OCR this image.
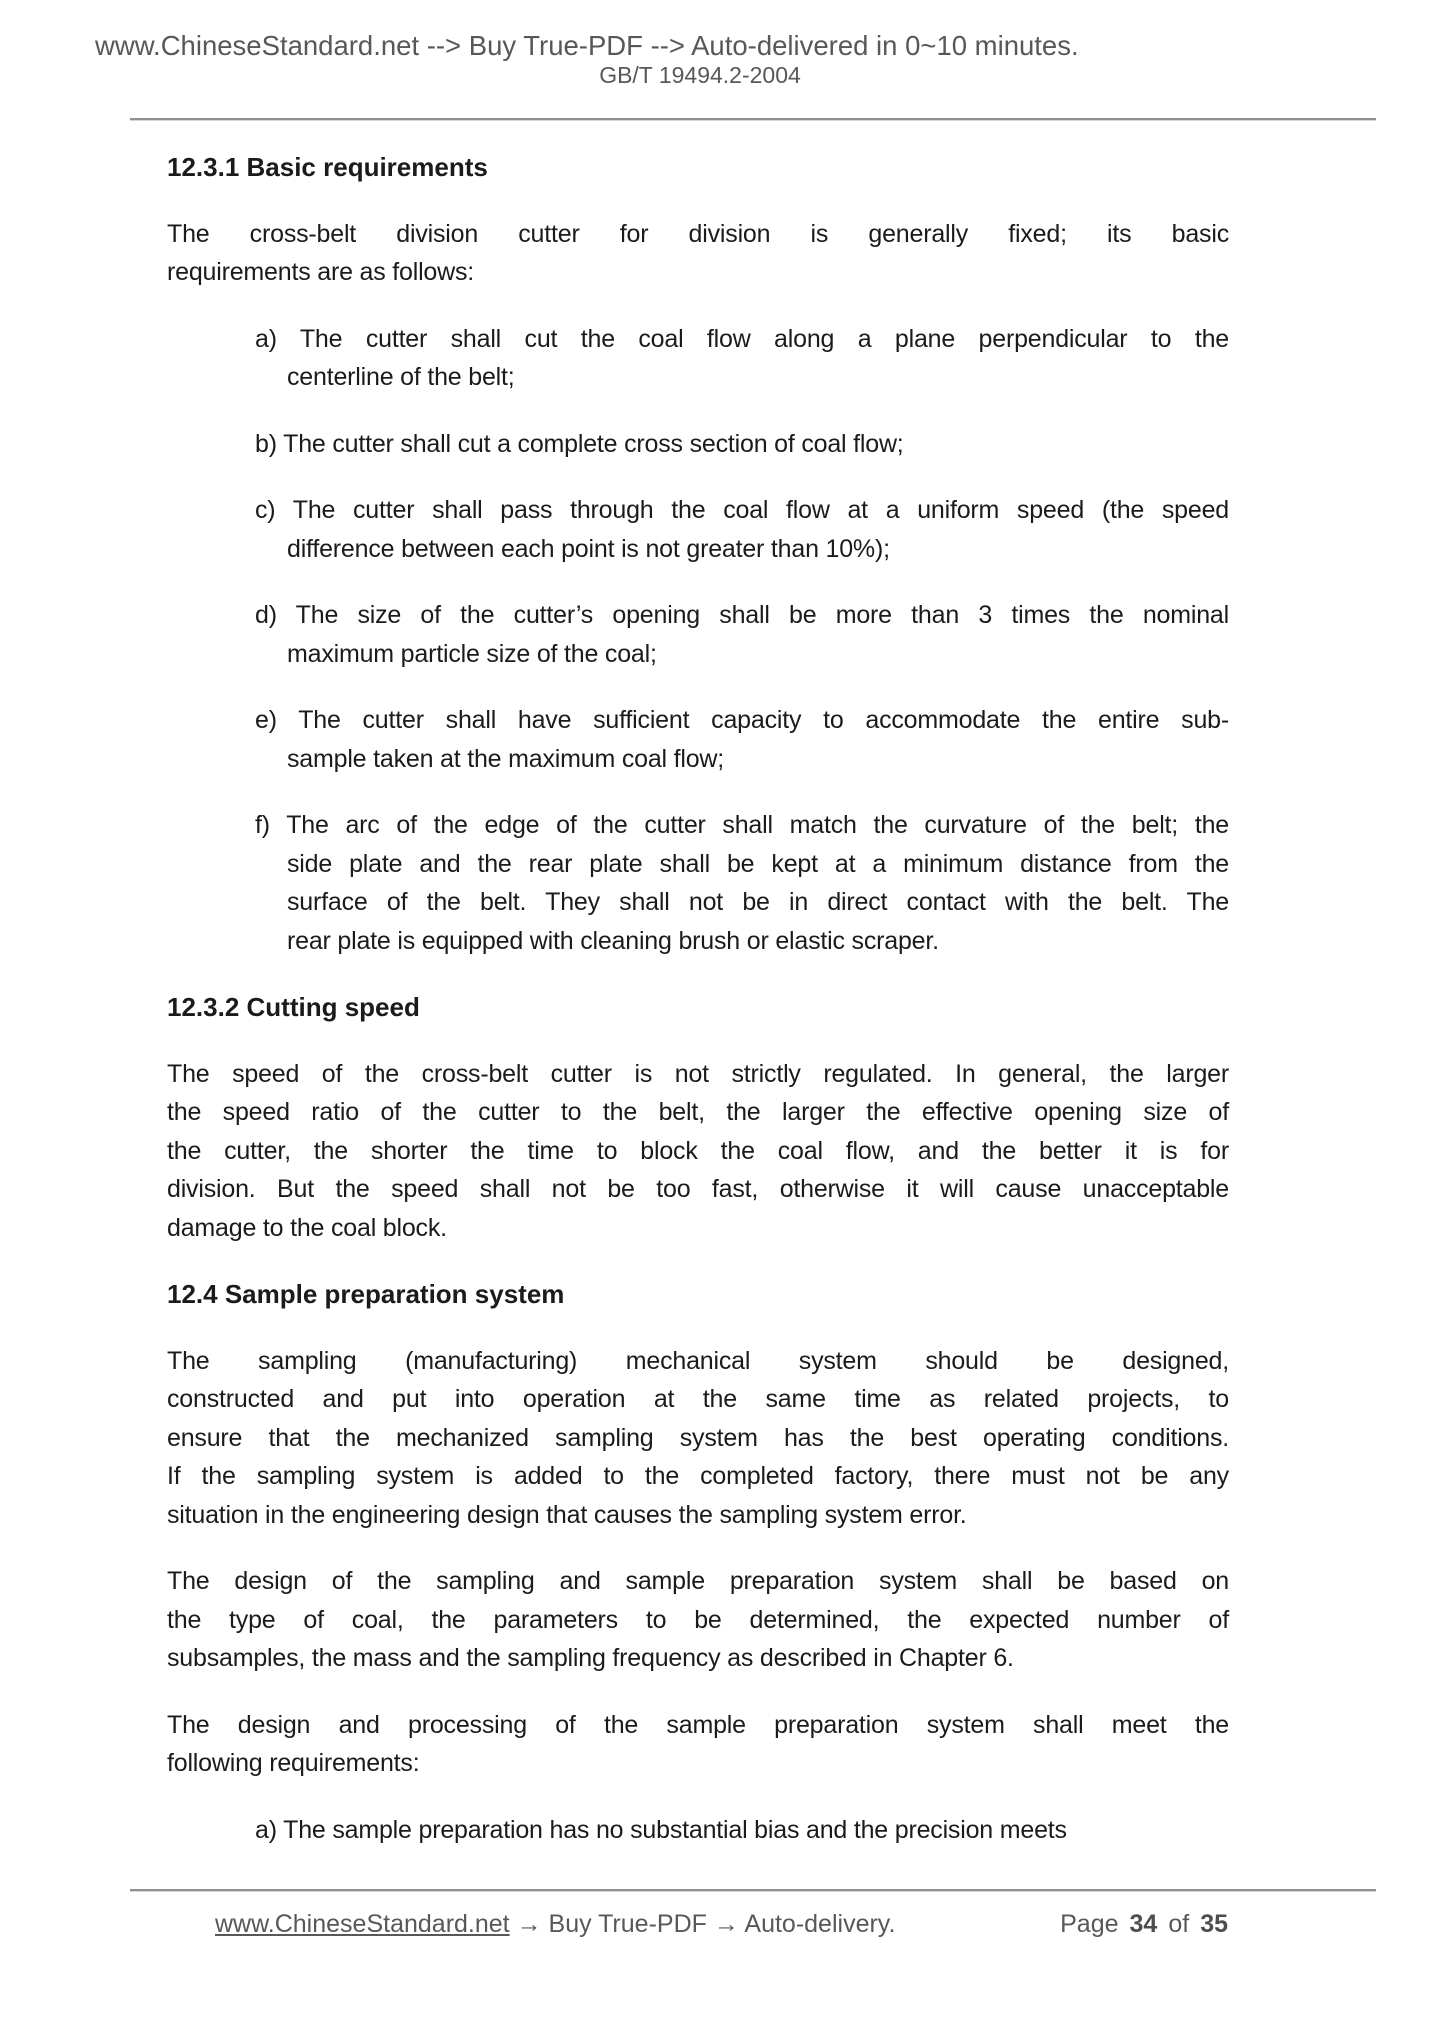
www.ChineseStandard.net --> Buy True-PDF --> Auto-delivered in 0~10 minutes.
GB/T 19494.2-2004
12.3.1 Basic requirements
The cross-belt division cutter for division is generally fixed; its basic
requirements are as follows:
a) The cutter shall cut the coal flow along a plane perpendicular to the
centerline of the belt;
b) The cutter shall cut a complete cross section of coal flow;
c) The cutter shall pass through the coal flow at a uniform speed (the speed
difference between each point is not greater than 10%);
d) The size of the cutter’s opening shall be more than 3 times the nominal
maximum particle size of the coal;
e) The cutter shall have sufficient capacity to accommodate the entire sub-
sample taken at the maximum coal flow;
f) The arc of the edge of the cutter shall match the curvature of the belt; the
side plate and the rear plate shall be kept at a minimum distance from the
surface of the belt. They shall not be in direct contact with the belt. The
rear plate is equipped with cleaning brush or elastic scraper.
12.3.2 Cutting speed
The speed of the cross-belt cutter is not strictly regulated. In general, the larger
the speed ratio of the cutter to the belt, the larger the effective opening size of
the cutter, the shorter the time to block the coal flow, and the better it is for
division. But the speed shall not be too fast, otherwise it will cause unacceptable
damage to the coal block.
12.4 Sample preparation system
The sampling (manufacturing) mechanical system should be designed,
constructed and put into operation at the same time as related projects, to
ensure that the mechanized sampling system has the best operating conditions.
If the sampling system is added to the completed factory, there must not be any
situation in the engineering design that causes the sampling system error.
The design of the sampling and sample preparation system shall be based on
the type of coal, the parameters to be determined, the expected number of
subsamples, the mass and the sampling frequency as described in Chapter 6.
The design and processing of the sample preparation system shall meet the
following requirements:
a) The sample preparation has no substantial bias and the precision meets
www.ChineseStandard.net → Buy True-PDF → Auto-delivery.	Page 34 of 35
